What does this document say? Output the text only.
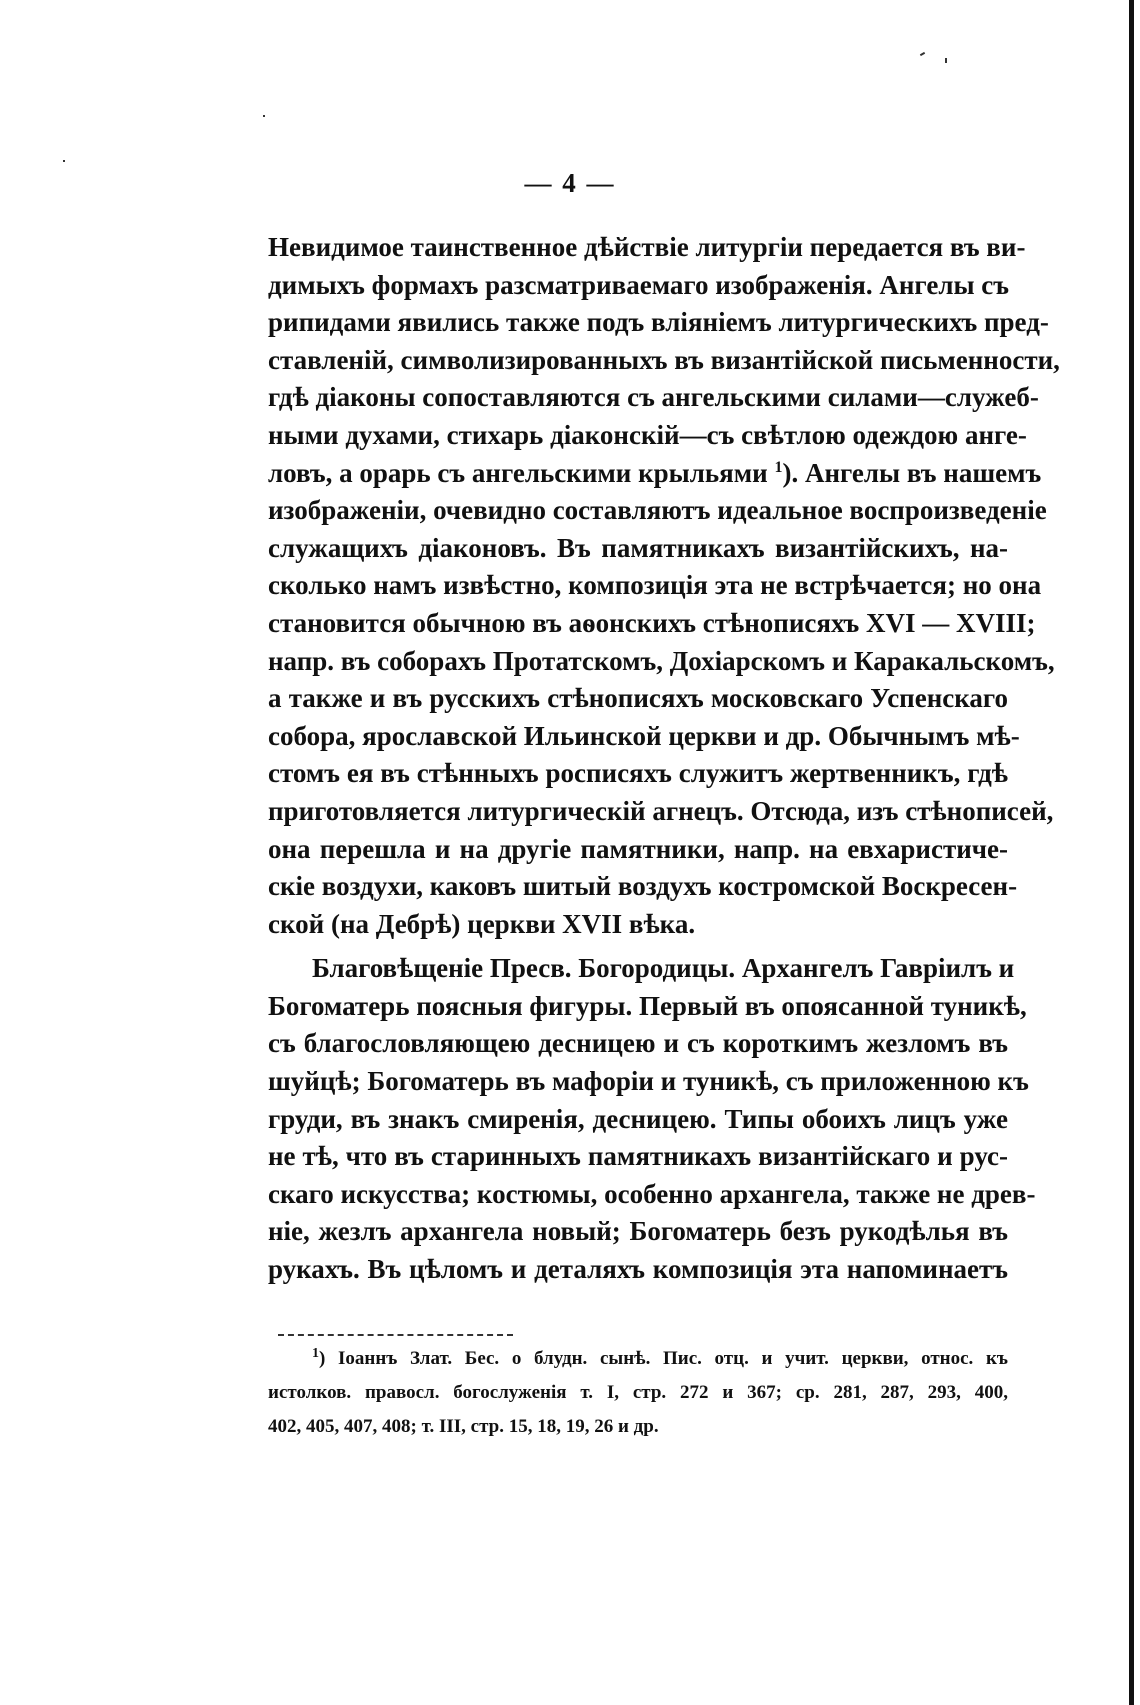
— 4 —
Невидимое таинственное дѣйствіе литургіи передается въ ви-
димыхъ формахъ разсматриваемаго изображенія. Ангелы съ
рипидами явились также подъ вліяніемъ литургическихъ пред-
ставленій, символизированныхъ въ византійской письменности,
гдѣ діаконы сопоставляются съ ангельскими силами—служеб-
ными духами, стихарь діаконскій—съ свѣтлою одеждою анге-
ловъ, а орарь съ ангельскими крыльями $^1$). Ангелы въ нашемъ
изображеніи, очевидно составляютъ идеальное воспроизведеніе
служащихъ діаконовъ. Въ памятникахъ византійскихъ, на-
сколько намъ извѣстно, композиція эта не встрѣчается; но она
становится обычною въ аѳонскихъ стѣнописяхъ XVI — XVIII;
напр. въ соборахъ Протатскомъ, Дохіарскомъ и Каракальскомъ,
а также и въ русскихъ стѣнописяхъ московскаго Успенскаго
собора, ярославской Ильинской церкви и др. Обычнымъ мѣ-
стомъ ея въ стѣнныхъ росписяхъ служитъ жертвенникъ, гдѣ
приготовляется литургическій агнецъ. Отсюда, изъ стѣнописей,
она перешла и на другіе памятники, напр. на евхаристиче-
скіе воздухи, каковъ шитый воздухъ костромской Воскресен-
ской (на Дебрѣ) церкви XVII вѣка.
Благовѣщеніе Пресв. Богородицы. Архангелъ Гавріилъ и
Богоматерь поясныя фигуры. Первый въ опоясанной туникѣ,
съ благословляющею десницею и съ короткимъ жезломъ въ
шуйцѣ; Богоматерь въ мафоріи и туникѣ, съ приложенною къ
груди, въ знакъ смиренія, десницею. Типы обоихъ лицъ уже
не тѣ, что въ старинныхъ памятникахъ византійскаго и рус-
скаго искусства; костюмы, особенно архангела, также не древ-
ніе, жезлъ архангела новый; Богоматерь безъ рукодѣлья въ
рукахъ. Въ цѣломъ и деталяхъ композиція эта напоминаетъ
$^1$) Іоаннъ Злат. Бес. о блудн. сынѣ. Пис. отц. и учит. церкви, относ. къ
истолков. правосл. богослуженія т. I, стр. 272 и 367; ср. 281, 287, 293, 400,
402, 405, 407, 408; т. III, стр. 15, 18, 19, 26 и др.
